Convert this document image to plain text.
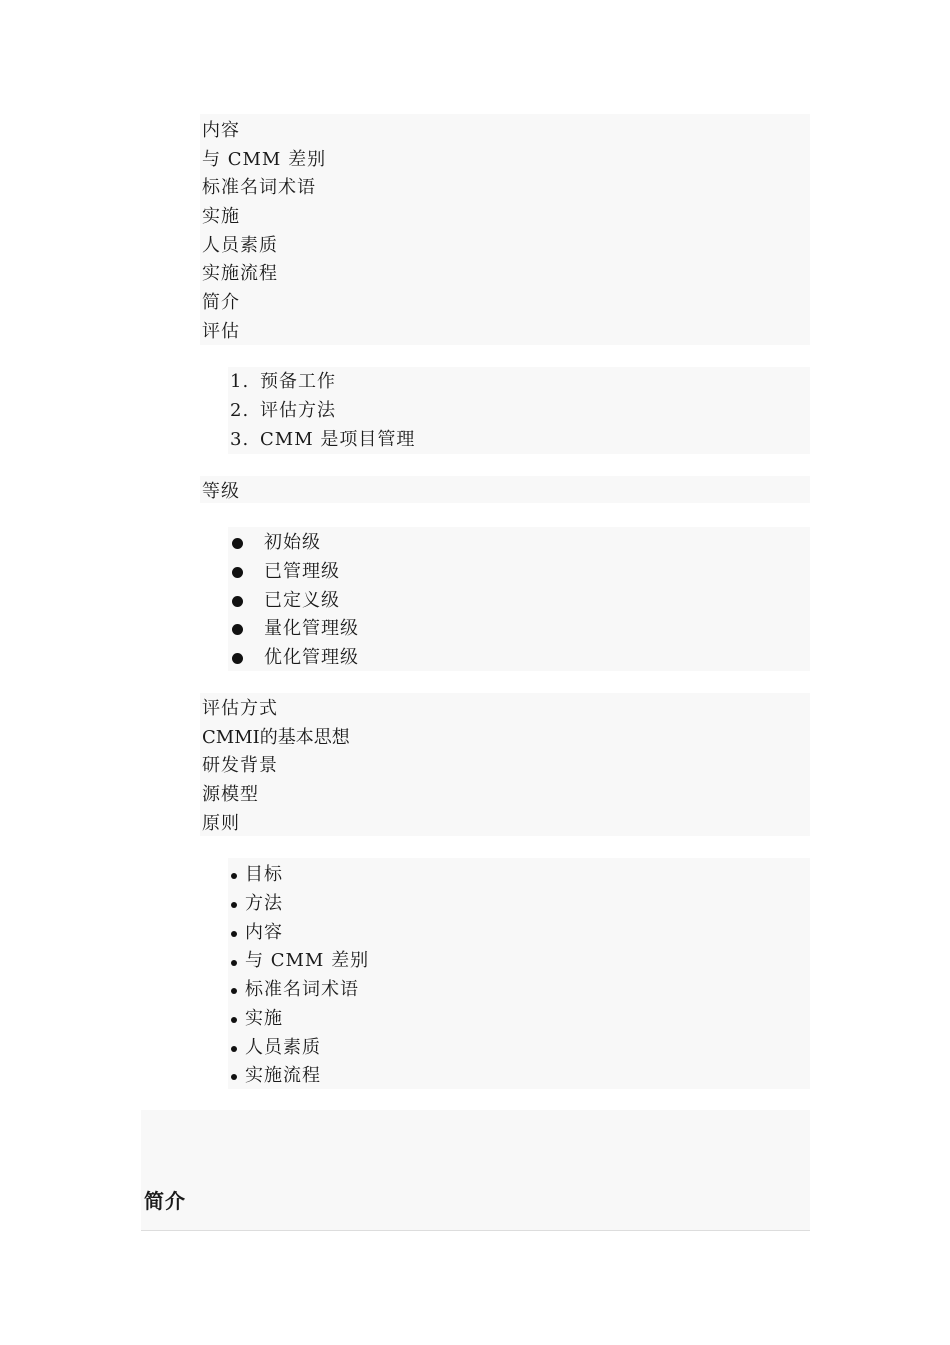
内容
与 CMM 差别
标准名词术语
实施
人员素质
实施流程
简介
评估
1. 预备工作
2. 评估方法
3. CMM 是项目管理
等级
初始级
已管理级
已定义级
量化管理级
优化管理级
评估方式
CMMI的基本思想
研发背景
源模型
原则
目标
方法
内容
与 CMM 差别
标准名词术语
实施
人员素质
实施流程
简介
